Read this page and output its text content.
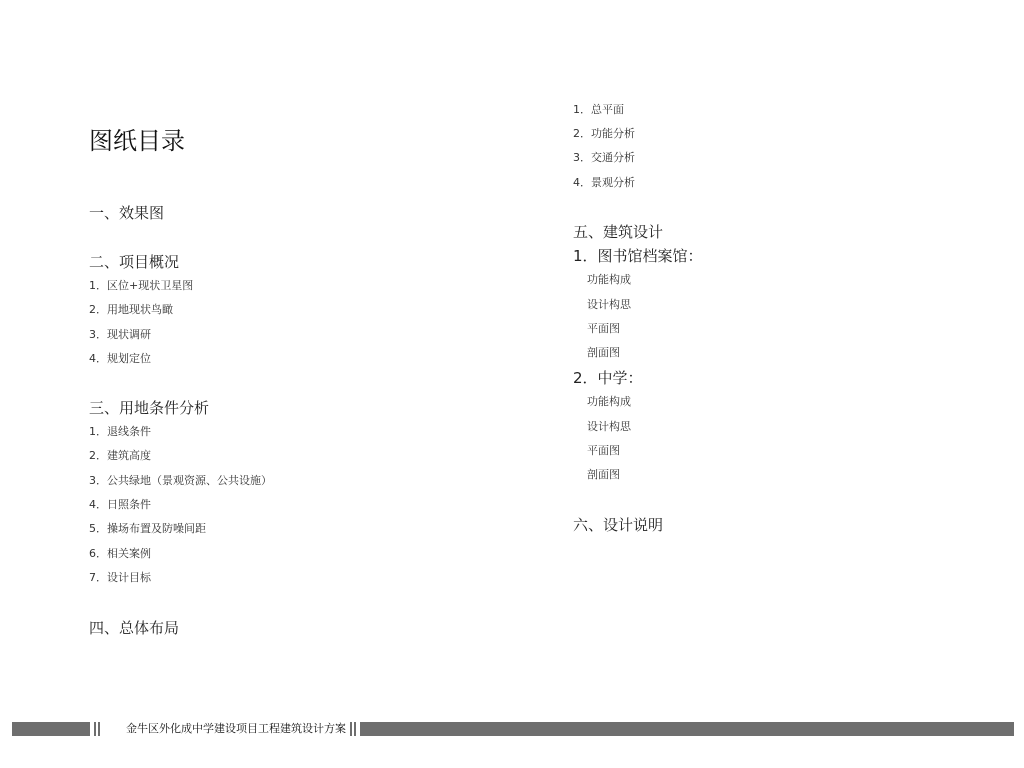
图纸目录
一、效果图
二、项目概况
1．区位+现状卫星图
2．用地现状鸟瞰
3．现状调研
4．规划定位
三、用地条件分析
1．退线条件
2．建筑高度
3．公共绿地（景观资源、公共设施）
4．日照条件
5．操场布置及防噪间距
6．相关案例
7．设计目标
四、总体布局
1．总平面
2．功能分析
3．交通分析
4．景观分析
五、建筑设计
1．图书馆档案馆：
功能构成
设计构思
平面图
剖面图
2．中学：
功能构成
设计构思
平面图
剖面图
六、设计说明
金牛区外化成中学建设项目工程建筑设计方案
